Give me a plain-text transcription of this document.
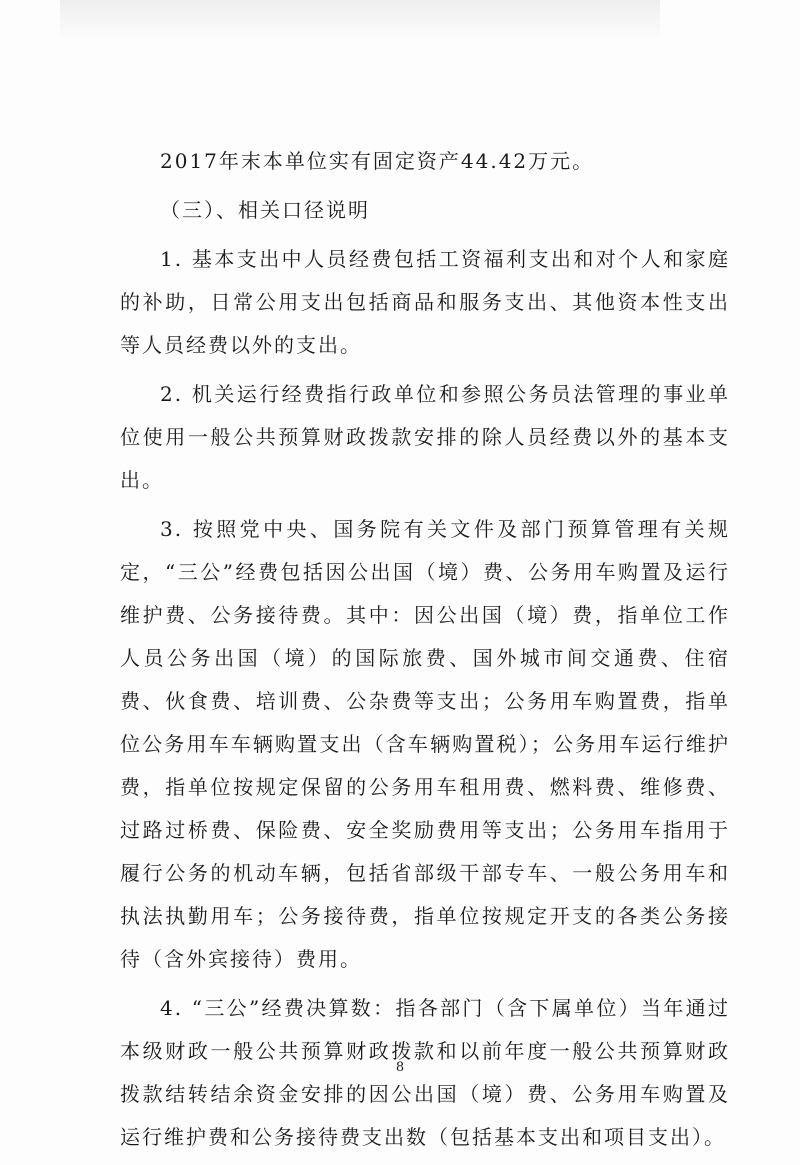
2017年末本单位实有固定资产44.42万元。

（三）、相关口径说明

1. 基本支出中人员经费包括工资福利支出和对个人和家庭的补助，日常公用支出包括商品和服务支出、其他资本性支出等人员经费以外的支出。

2. 机关运行经费指行政单位和参照公务员法管理的事业单位使用一般公共预算财政拨款安排的除人员经费以外的基本支出。

3. 按照党中央、国务院有关文件及部门预算管理有关规定，“三公”经费包括因公出国（境）费、公务用车购置及运行维护费、公务接待费。其中：因公出国（境）费，指单位工作人员公务出国（境）的国际旅费、国外城市间交通费、住宿费、伙食费、培训费、公杂费等支出；公务用车购置费，指单位公务用车车辆购置支出（含车辆购置税）；公务用车运行维护费，指单位按规定保留的公务用车租用费、燃料费、维修费、过路过桥费、保险费、安全奖励费用等支出；公务用车指用于履行公务的机动车辆，包括省部级干部专车、一般公务用车和执法执勤用车；公务接待费，指单位按规定开支的各类公务接待（含外宾接待）费用。

4. “三公”经费决算数：指各部门（含下属单位）当年通过本级财政一般公共预算财政拨款和以前年度一般公共预算财政拨款结转结余资金安排的因公出国（境）费、公务用车购置及运行维护费和公务接待费支出数（包括基本支出和项目支出）。

8
